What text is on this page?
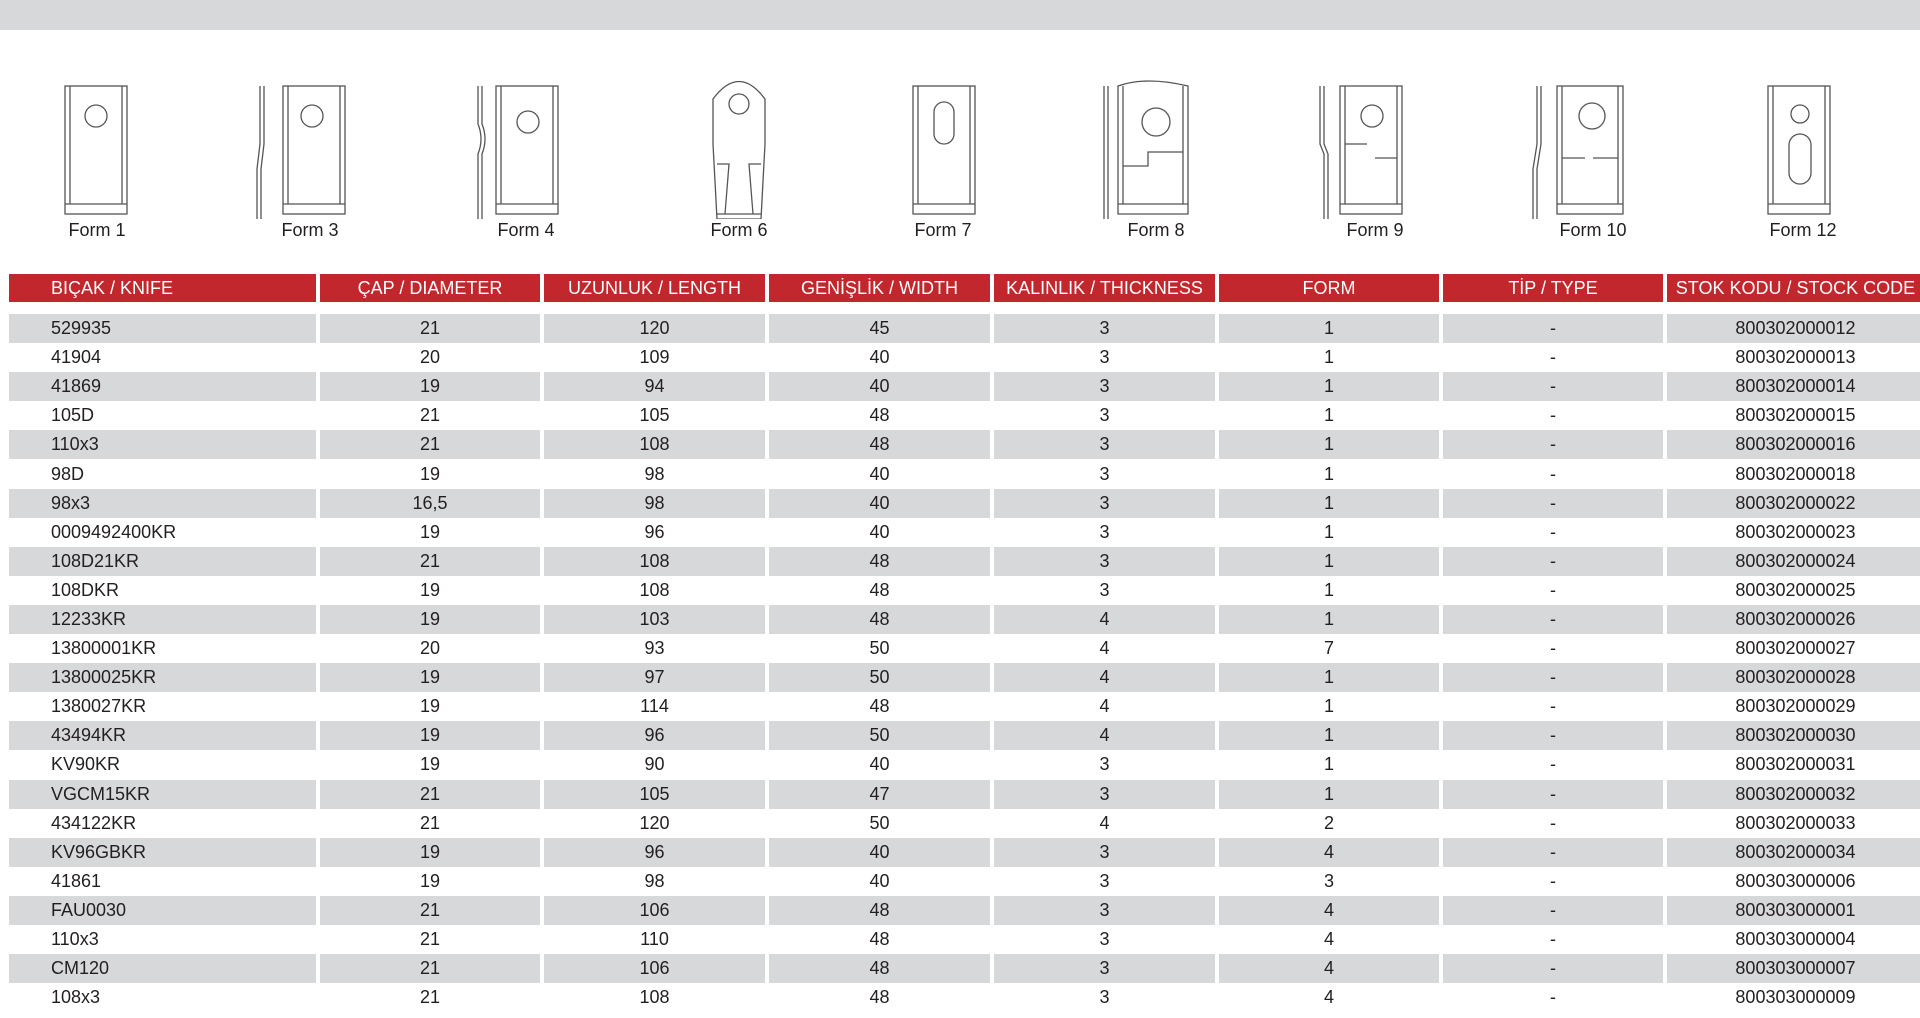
Form 1	Form 3	Form 4	Form 6	Form 7	Form 8	Form 9	Form 10	Form 12
BIÇAK / KNIFE	ÇAP / DIAMETER	UZUNLUK / LENGTH	GENİŞLİK / WIDTH	KALINLIK / THICKNESS	FORM	TİP / TYPE	STOK KODU / STOCK CODE

529935	21	120	45	3	1	-	800302000012
41904	20	109	40	3	1	-	800302000013
41869	19	94	40	3	1	-	800302000014
105D	21	105	48	3	1	-	800302000015
110x3	21	108	48	3	1	-	800302000016
98D	19	98	40	3	1	-	800302000018
98x3	16,5	98	40	3	1	-	800302000022
0009492400KR	19	96	40	3	1	-	800302000023
108D21KR	21	108	48	3	1	-	800302000024
108DKR	19	108	48	3	1	-	800302000025
12233KR	19	103	48	4	1	-	800302000026
13800001KR	20	93	50	4	7	-	800302000027
13800025KR	19	97	50	4	1	-	800302000028
1380027KR	19	114	48	4	1	-	800302000029
43494KR	19	96	50	4	1	-	800302000030
KV90KR	19	90	40	3	1	-	800302000031
VGCM15KR	21	105	47	3	1	-	800302000032
434122KR	21	120	50	4	2	-	800302000033
KV96GBKR	19	96	40	3	4	-	800302000034
41861	19	98	40	3	3	-	800303000006
FAU0030	21	106	48	3	4	-	800303000001
110x3	21	110	48	3	4	-	800303000004
CM120	21	106	48	3	4	-	800303000007
108x3	21	108	48	3	4	-	800303000009
